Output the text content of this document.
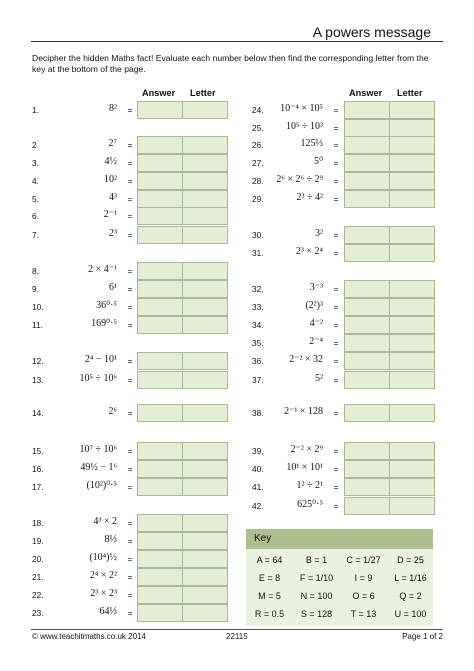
A powers message
Decipher the hidden Maths fact! Evaluate each number below then find the corresponding letter from the key at the bottom of the page.
Answer Letter	Answer Letter
1.	8²	=
2	2⁷	=
3.	4½	=
4.	10²	=
5.	4³	=
6.	2⁻¹	=
7.	2³	=
8.	2 × 4⁻¹	=
9.	6¹	=
10.	36⁰·⁵	=
11.	169⁰·⁵	=
12.	2⁴ − 10¹	=
13.	10⁵ ÷ 10⁶	=
14.	2⁶	=
15.	10⁷ ÷ 10⁶	=
16.	49½ − 1⁶	=
17.	(10²)⁰·⁵	=
18.	4³ × 2	=
19.	8⅓	=
20.	(10⁴)½	=
21.	2⁴ × 2²	=
22.	2³ × 2³	=
23.	64⅓	=
24.	10⁻⁴ × 10⁵	=
25.	10⁵ ÷ 10³	=
26.	125⅓	=
27.	5⁰	=
28.	2⁶ × 2⁶ ÷ 2⁹	=
29.	2³ ÷ 4²	=
30.	3²	=
31.	2³ × 2⁴	=
32.	3⁻³	=
33.	(2²)³	=
34.	4⁻²	=
35.	2⁻⁴	=
36.	2⁻² × 32	=
37.	5²	=
38.	2⁻¹ × 128	=
39.	2⁻² × 2⁹	=
40.	10¹ × 10¹	=
41.	1² ÷ 2¹	=
42.	625⁰·⁵	=
Key
A = 64	B = 1	C = 1/27	D = 25
E = 8	F = 1/10	I = 9	L = 1/16
M = 5	N = 100	O = 6	Q = 2
R = 0.5	S = 128	T = 13	U = 100
© www.teachitmaths.co.uk 2014	22115	Page 1 of 2
